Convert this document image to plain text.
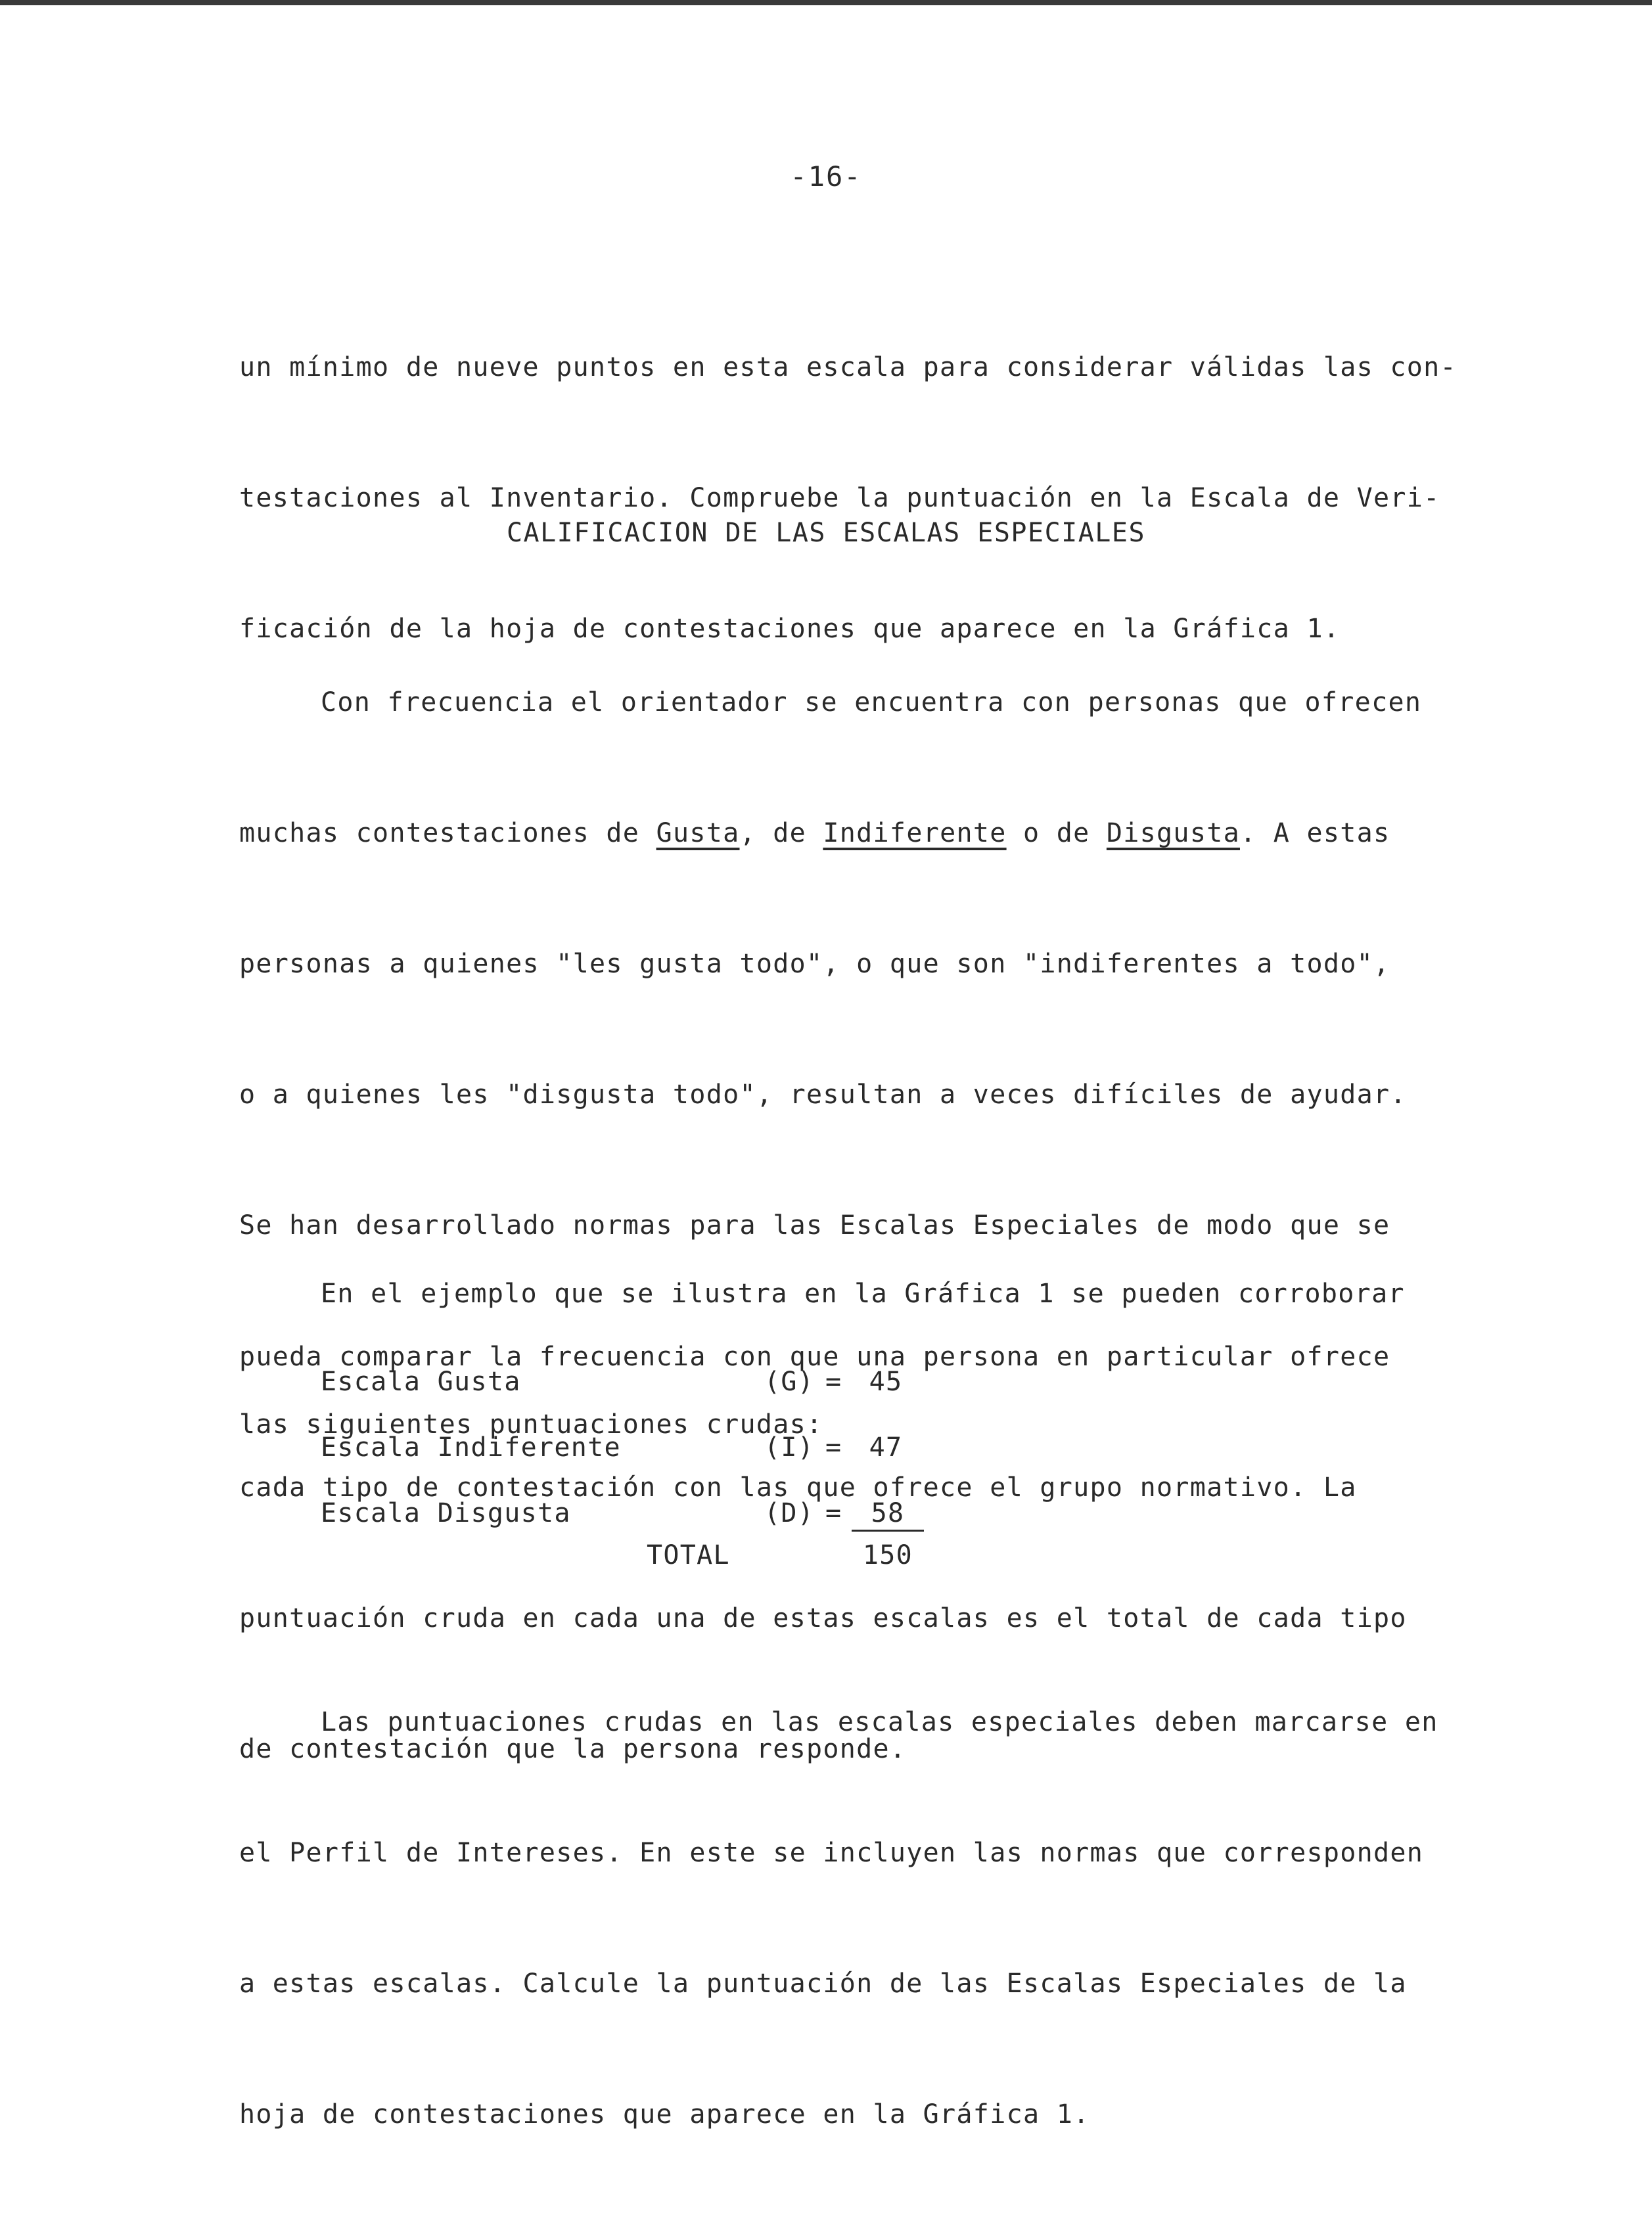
-16-

un mínimo de nueve puntos en esta escala para considerar válidas las con-

testaciones al Inventario. Compruebe la puntuación en la Escala de Veri-

ficación de la hoja de contestaciones que aparece en la Gráfica 1.

CALIFICACION DE LAS ESCALAS ESPECIALES

Con frecuencia el orientador se encuentra con personas que ofrecen

muchas contestaciones de Gusta, de Indiferente o de Disgusta. A estas

personas a quienes "les gusta todo", o que son "indiferentes a todo",

o a quienes les "disgusta todo", resultan a veces difíciles de ayudar.

Se han desarrollado normas para las Escalas Especiales de modo que se

pueda comparar la frecuencia con que una persona en particular ofrece

cada tipo de contestación con las que ofrece el grupo normativo. La

puntuación cruda en cada una de estas escalas es el total de cada tipo

de contestación que la persona responde.

En el ejemplo que se ilustra en la Gráfica 1 se pueden corroborar

las siguientes puntuaciones crudas:

Escala Gusta	(G) =	45
Escala Indiferente	(I) =	47
Escala Disgusta	(D) =	58
TOTAL	150

Las puntuaciones crudas en las escalas especiales deben marcarse en

el Perfil de Intereses. En este se incluyen las normas que corresponden

a estas escalas. Calcule la puntuación de las Escalas Especiales de la

hoja de contestaciones que aparece en la Gráfica 1.
